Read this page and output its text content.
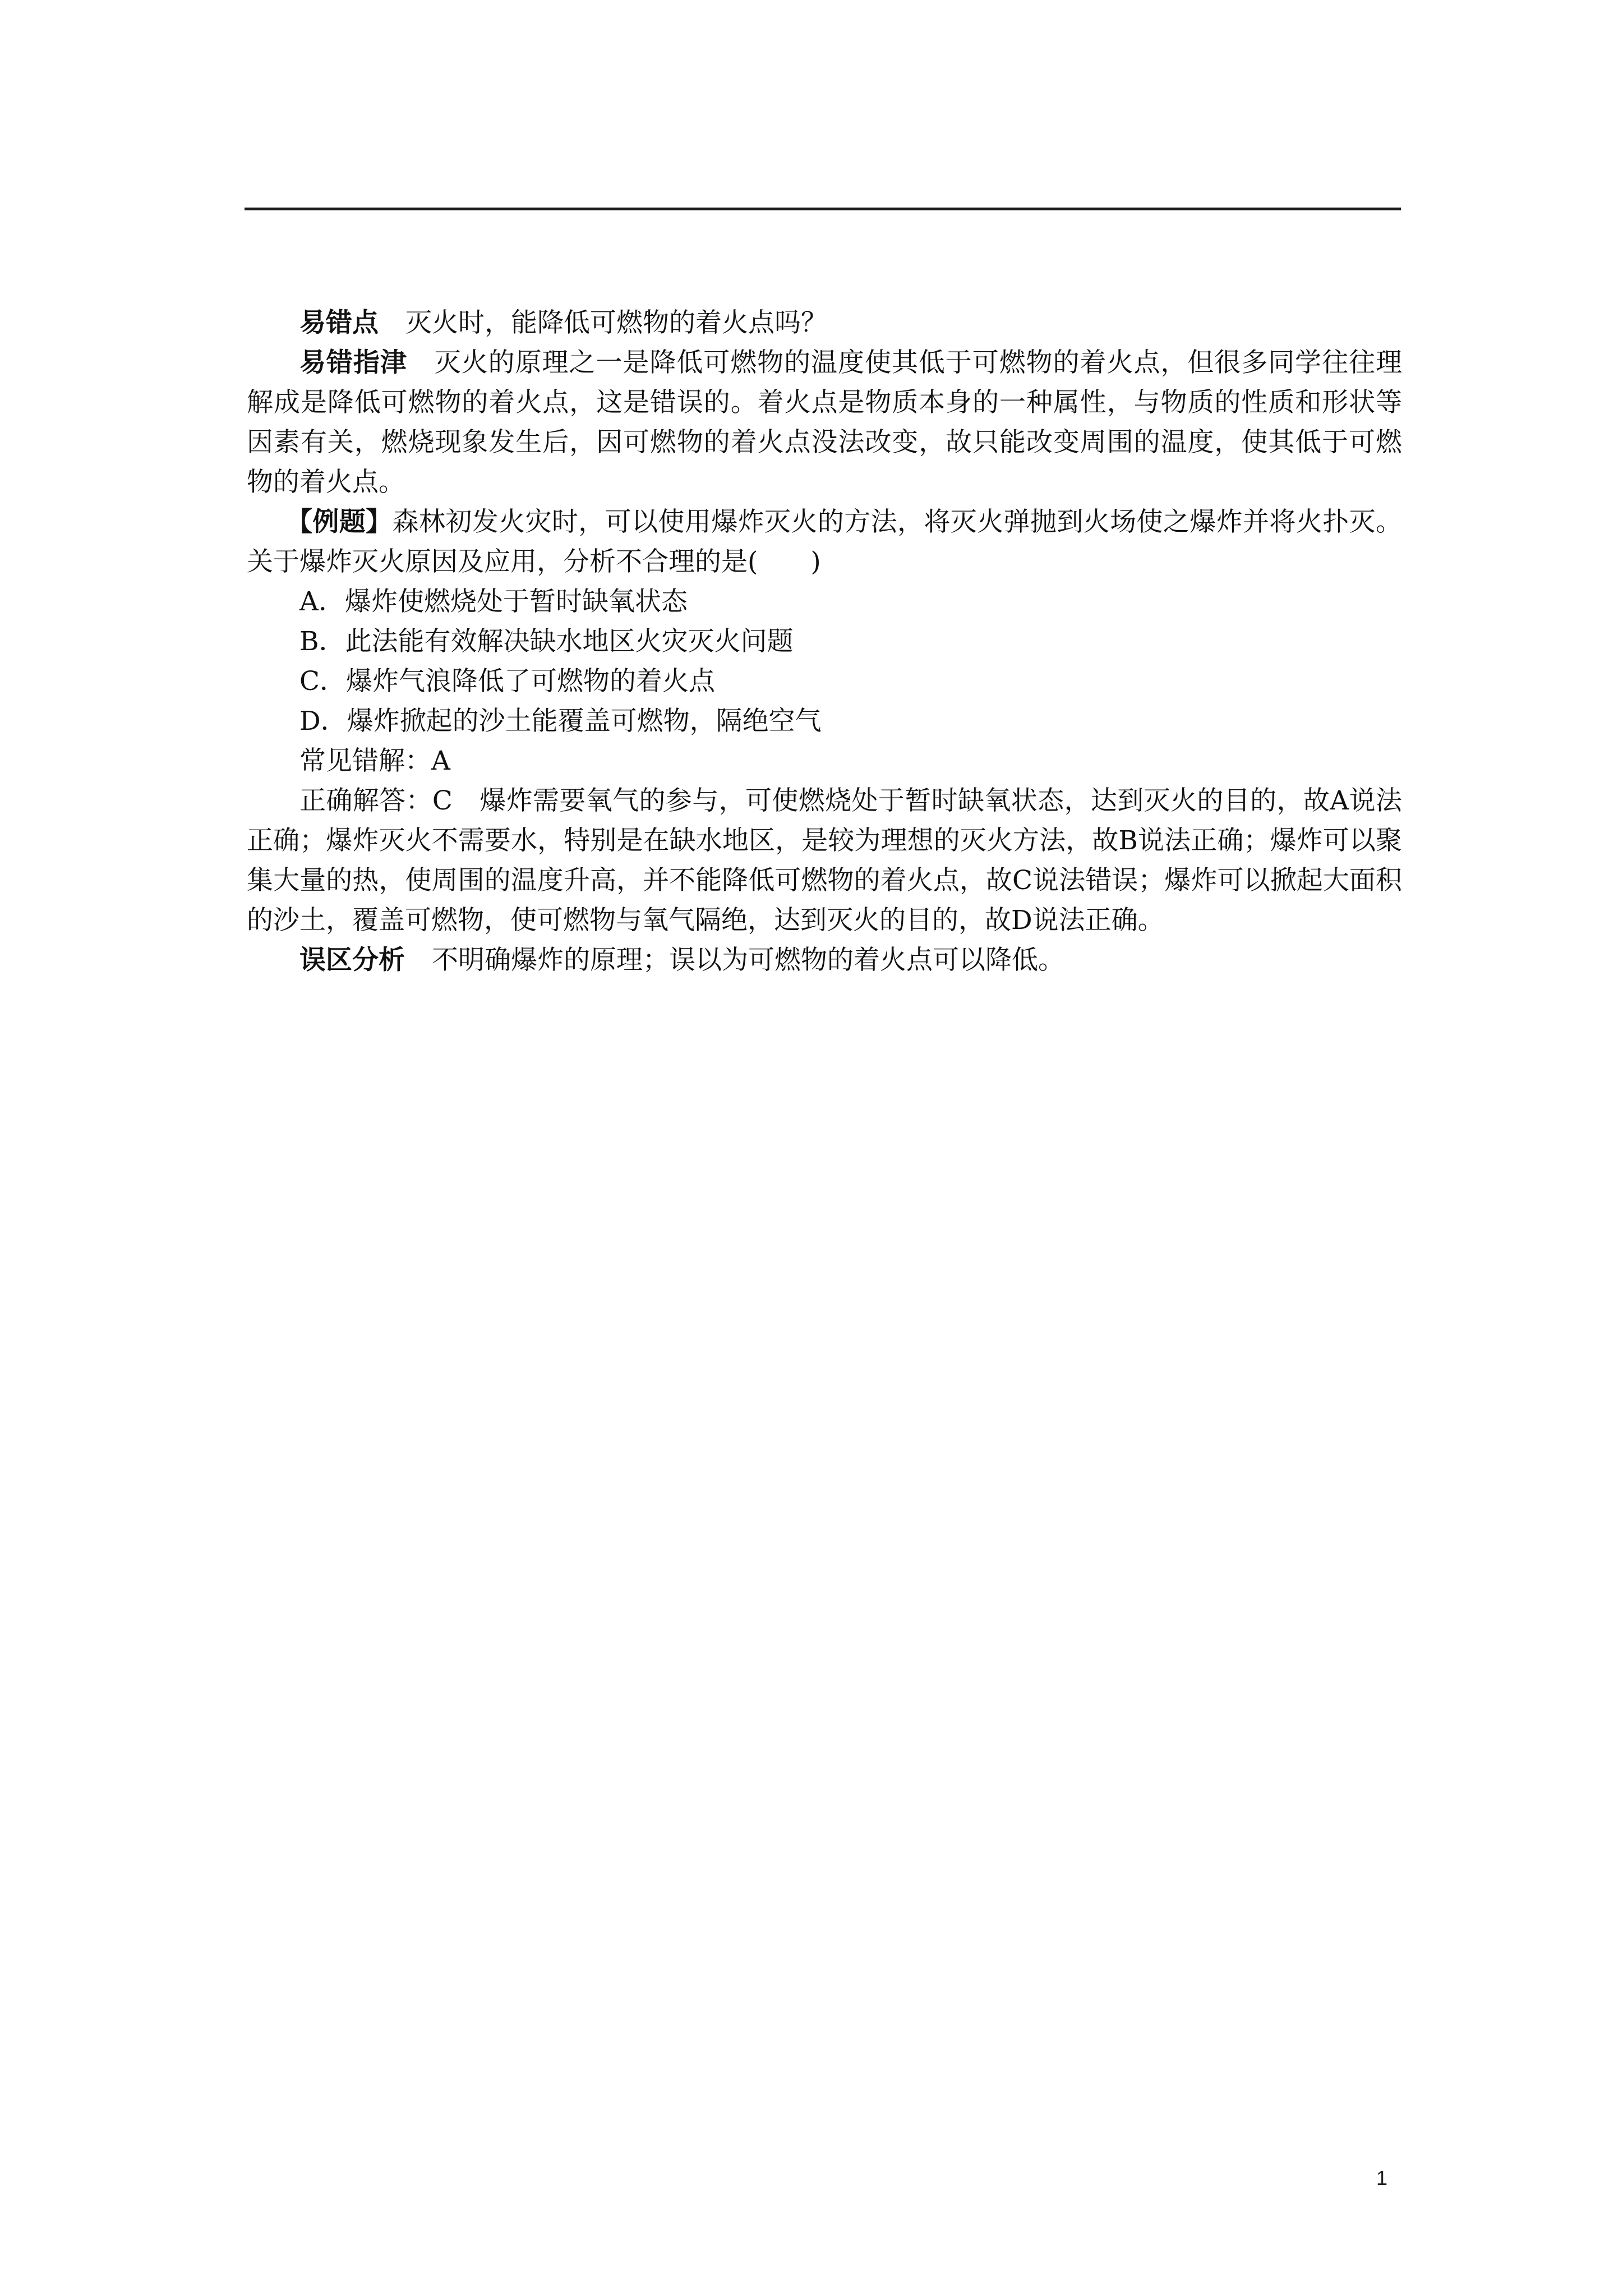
易错点 灭火时，能降低可燃物的着火点吗？

易错指津 灭火的原理之一是降低可燃物的温度使其低于可燃物的着火点，但很多同学往往理解成是降低可燃物的着火点，这是错误的。着火点是物质本身的一种属性，与物质的性质和形状等因素有关，燃烧现象发生后，因可燃物的着火点没法改变，故只能改变周围的温度，使其低于可燃物的着火点。

【例题】森林初发火灾时，可以使用爆炸灭火的方法，将灭火弹抛到火场使之爆炸并将火扑灭。关于爆炸灭火原因及应用，分析不合理的是(　　)

A．爆炸使燃烧处于暂时缺氧状态

B．此法能有效解决缺水地区火灾灭火问题

C．爆炸气浪降低了可燃物的着火点

D．爆炸掀起的沙土能覆盖可燃物，隔绝空气

常见错解：A

正确解答：C 爆炸需要氧气的参与，可使燃烧处于暂时缺氧状态，达到灭火的目的，故A说法正确；爆炸灭火不需要水，特别是在缺水地区，是较为理想的灭火方法，故B说法正确；爆炸可以聚集大量的热，使周围的温度升高，并不能降低可燃物的着火点，故C说法错误；爆炸可以掀起大面积的沙土，覆盖可燃物，使可燃物与氧气隔绝，达到灭火的目的，故D说法正确。

误区分析 不明确爆炸的原理；误以为可燃物的着火点可以降低。

1
